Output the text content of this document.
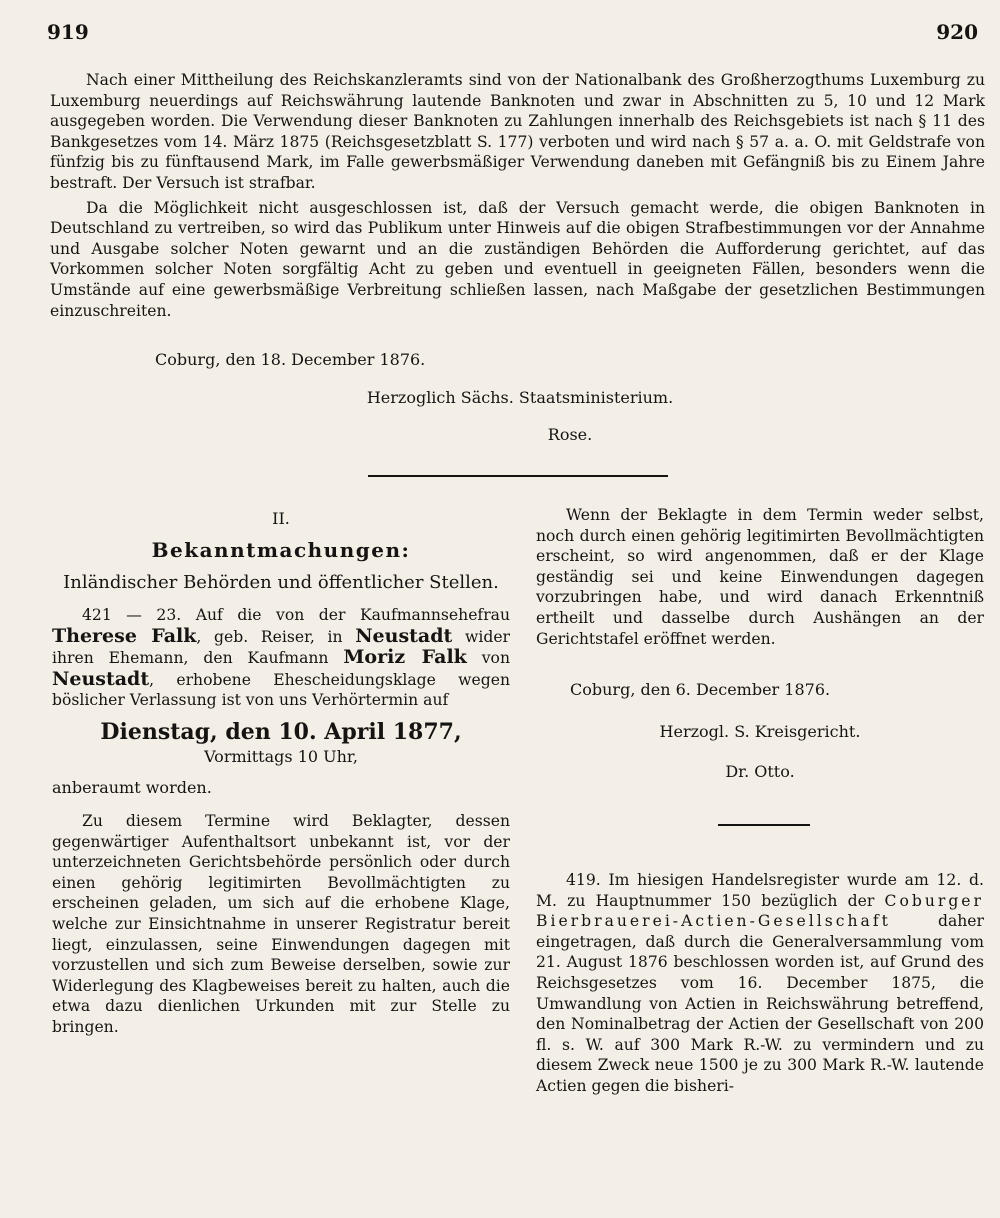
919	920

Nach einer Mittheilung des Reichskanzleramts sind von der Nationalbank des Großherzogthums Luxemburg zu Luxemburg neuerdings auf Reichswährung lautende Banknoten und zwar in Abschnitten zu 5, 10 und 12 Mark ausgegeben worden. Die Verwendung dieser Banknoten zu Zahlungen innerhalb des Reichsgebiets ist nach § 11 des Bankgesetzes vom 14. März 1875 (Reichsgesetzblatt S. 177) verboten und wird nach § 57 a. a. O. mit Geldstrafe von fünfzig bis zu fünftausend Mark, im Falle gewerbsmäßiger Verwendung daneben mit Gefängniß bis zu Einem Jahre bestraft. Der Versuch ist strafbar.

Da die Möglichkeit nicht ausgeschlossen ist, daß der Versuch gemacht werde, die obigen Banknoten in Deutschland zu vertreiben, so wird das Publikum unter Hinweis auf die obigen Strafbestimmungen vor der Annahme und Ausgabe solcher Noten gewarnt und an die zuständigen Behörden die Aufforderung gerichtet, auf das Vorkommen solcher Noten sorgfältig Acht zu geben und eventuell in geeigneten Fällen, besonders wenn die Umstände auf eine gewerbsmäßige Verbreitung schließen lassen, nach Maßgabe der gesetzlichen Bestimmungen einzuschreiten.

Coburg, den 18. December 1876.
Herzoglich Sächs. Staatsministerium.
Rose.
II.
Bekanntmachungen:
Inländischer Behörden und öffentlicher Stellen.

421 — 23. Auf die von der Kaufmannsehefrau Therese Falk, geb. Reiser, in Neustadt wider ihren Ehemann, den Kaufmann Moriz Falk von Neustadt, erhobene Ehescheidungsklage wegen böslicher Verlassung ist von uns Verhörtermin auf

Dienstag, den 10. April 1877,
Vormittags 10 Uhr,
anberaumt worden.

Zu diesem Termine wird Beklagter, dessen gegenwärtiger Aufenthaltsort unbekannt ist, vor der unterzeichneten Gerichtsbehörde persönlich oder durch einen gehörig legitimirten Bevollmächtigten zu erscheinen geladen, um sich auf die erhobene Klage, welche zur Einsichtnahme in unserer Registratur bereit liegt, einzulassen, seine Einwendungen dagegen mit vorzustellen und sich zum Beweise derselben, sowie zur Widerlegung des Klagbeweises bereit zu halten, auch die etwa dazu dienlichen Urkunden mit zur Stelle zu bringen.

Wenn der Beklagte in dem Termin weder selbst, noch durch einen gehörig legitimirten Bevollmächtigten erscheint, so wird angenommen, daß er der Klage geständig sei und keine Einwendungen dagegen vorzubringen habe, und wird danach Erkenntniß ertheilt und dasselbe durch Aushängen an der Gerichtstafel eröffnet werden.

Coburg, den 6. December 1876.
Herzogl. S. Kreisgericht.
Dr. Otto.

419. Im hiesigen Handelsregister wurde am 12. d. M. zu Hauptnummer 150 bezüglich der Coburger Bierbrauerei-Actien-Gesellschaft	daher eingetragen, daß durch die Generalversammlung vom 21. August 1876 beschlossen worden ist, auf Grund des Reichsgesetzes vom 16. December 1875, die Umwandlung von Actien in Reichswährung betreffend, den Nominalbetrag der Actien der Gesellschaft von 200 fl. s. W. auf 300 Mark R.-W. zu vermindern und zu diesem Zweck neue 1500 je zu 300 Mark R.-W. lautende Actien gegen die bisheri-
